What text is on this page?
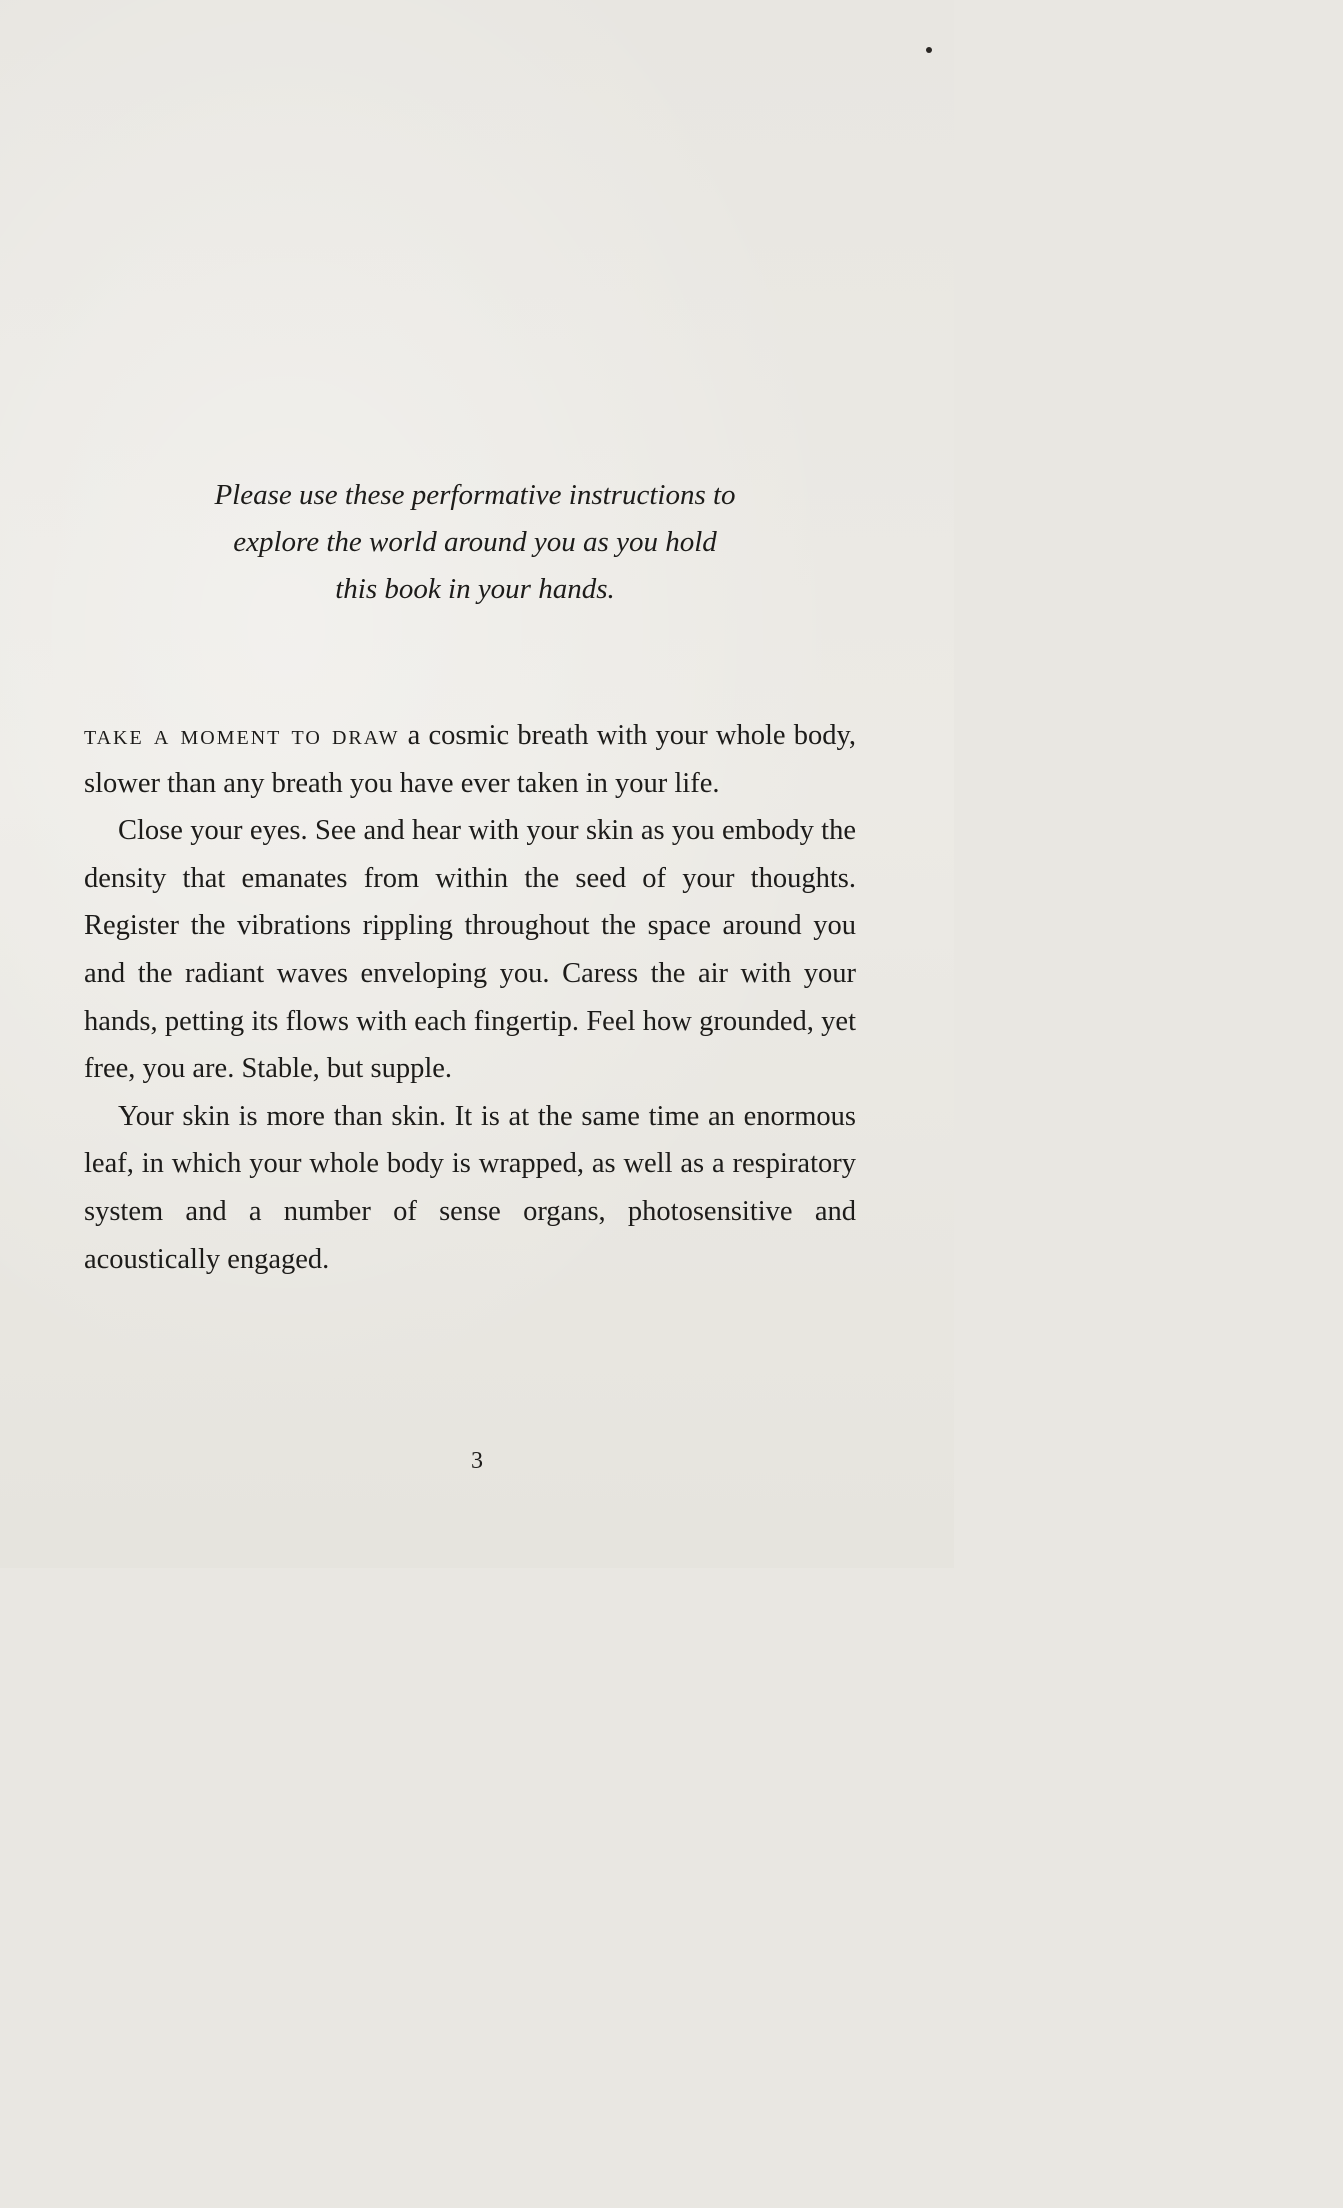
Please use these performative instructions to
explore the world around you as you hold
this book in your hands.

take a moment to draw a cosmic breath with your whole body, slower than any breath you have ever taken in your life.

Close your eyes. See and hear with your skin as you embody the density that emanates from within the seed of your thoughts. Register the vibrations rippling throughout the space around you and the radiant waves enveloping you. Caress the air with your hands, petting its flows with each fingertip. Feel how grounded, yet free, you are. Stable, but supple.

Your skin is more than skin. It is at the same time an enormous leaf, in which your whole body is wrapped, as well as a respiratory system and a number of sense organs, photosensitive and acoustically engaged.

3
